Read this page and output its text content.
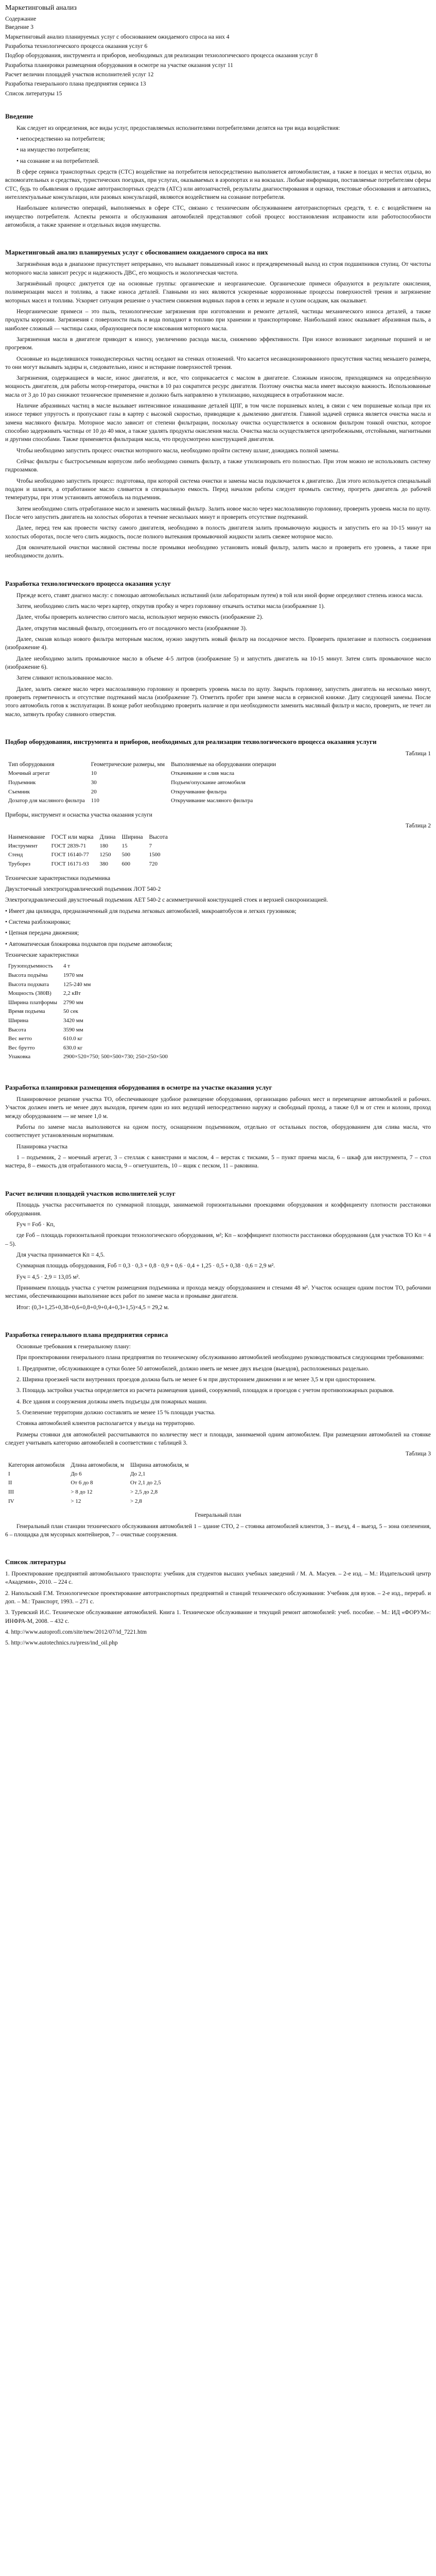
Маркетинговый анализ
Содержание
Введение 3
Маркетинговый анализ планируемых услуг с обоснованием ожидаемого спроса на них 4
Разработка технологического процесса оказания услуг 6
Подбор оборудования, инструмента и приборов, необходимых для реализации технологического процесса оказания услуг 8
Разработка планировки размещения оборудования в осмотре на участке оказания услуг 11
Расчет величин площадей участков исполнителей услуг 12
Разработка генерального плана предприятия сервиса 13
Список литературы 15
Введение

Как следует из определения, все виды услуг, предоставляемых исполнителями потребителями делятся на три вида воздействия:

• непосредственно на потребителя;

• на имущество потребителя;

• на сознание и на потребителей.

В сфере сервиса транспортных средств (СТС) воздействие на потребителя непосредственно выполняется автомобилистам, а также в поездах и местах отдыха, во вспомогательных и средствах, туристических поездках, при услугах, оказываемых в аэропортах и на вокзалах. Любые информации, поставляемые потребителям сферы СТС, будь то обьявления о продаже автотранспортных средств (АТС) или автозапчастей, результаты диагностирования и оценки, текстовые обоснования и автозапись, интеллектуальные консультации, или разовых консультаций, являются воздействием на сознание потребителя.

Наибольшее количество операций, выполняемых в сфере СТС, связано с техническим обслуживанием автотранспортных средств, т. е. с воздействием на имущество потребителя. Аспекты ремонта и обслуживания автомобилей представляют собой процесс восстановления исправности или работоспособности автомобиля, а также хранение и отдельных видов имущества.

Маркетинговый анализ планируемых услуг с обоснованием ожидаемого спроса на них

Загрязнённая вода в диапазоне присутствует непрерывно, что вызывает повышенный износ и преждевременный выход из строя подшипников ступиц. От чистоты моторного масла зависит ресурс и надежность ДВС, его мощность и экологическая чистота.

Загрязнённый процесс диктуется где на основные группы: органические и неорганические. Органические примеси образуются в результате окисления, полимеризации масел и топлива, а также износа деталей. Главными из них являются ускоренные коррозионные процессы поверхностей трения и загрязнение моторных масел и топлива. Ускоряет ситуация решение о участием снижения водяных паров в сетях и зеркале и сухим осадкам, как оказывает.

Неорганические примеси – это пыль, технологические загрязнения при изготовлении и ремонте деталей, частицы механического износа деталей, а также продукты коррозии. Загрязнения с поверхности пыль и вода попадают в топливо при хранении и транспортировке. Наибольший износ оказывает абразивная пыль, а наиболее сложный — частицы сажи, образующиеся после коксования моторного масла.

Загрязненная масла в двигателе приводит к износу, увеличению расхода масла, снижению эффективности. При износе возникают заеденные поршней и не прогревом.

Основные из выделившихся тонкодисперсных частиц оседают на стенках отложений. Что касается несанкционированного присутствия частиц меньшего размера, то они могут вызывать задиры и, следовательно, износ и истирание поверхностей трения.

Загрязнения, содержащиеся в масле, износ двигателя, и все, что соприкасается с маслом в двигателе. Сложным износом, приходящимся на определённую мощность двигателя, для работы мотор-генератора, очистки в 10 раз сократится ресурс двигателя. Поэтому очистка масла имеет высокую важность. Использованные масла от 3 до 10 раз снижают техническое применение и должно быть направлено в утилизацию, находящиеся в отработанном масле.

Наличие абразивных частиц в масле вызывает интенсивное изнашивание деталей ЦПГ, в том числе поршневых колец, в связи с чем поршневые кольца при их износе теряют упругость и пропускают газы в картер с высокой скоростью, приводящие к дымлению двигателя. Главной задачей сервиса является очистка масла и замена масляного фильтра. Моторное масло зависит от степени фильтрации, поскольку очистка осуществляется в основном фильтром тонкой очистки, которое способно задерживать частицы от 10 до 40 мкм, а также удалять продукты окисления масла. Очистка масла осуществляется центробежными, отстойными, магнитными и другими способами. Также применяется фильтрация масла, что предусмотрено конструкцией двигателя.

Чтобы необходимо запустить процесс очистки моторного масла, необходимо пройти систему шланг, дожидаясь полной замены.

Сейчас фильтры с быстросъемным корпусом либо необходимо снимать фильтр, а также утилизировать его полностью. При этом можно не использовать систему гидрозамков.

Чтобы необходимо запустить процесс: подготовка, при которой система очистки и замены масла подключается к двигателю. Для этого используется специальный поддон и шланги, а отработанное масло сливается в специальную емкость. Перед началом работы следует промыть систему, прогреть двигатель до рабочей температуры, при этом установить автомобиль на подъемник.

Затем необходимо слить отработанное масло и заменить масляный фильтр. Залить новое масло через маслозаливную горловину, проверить уровень масла по щупу. После чего запустить двигатель на холостых оборотах в течение нескольких минут и проверить отсутствие подтеканий.

Далее, перед тем как провести чистку самого двигателя, необходимо в полость двигателя залить промывочную жидкость и запустить его на 10-15 минут на холостых оборотах, после чего слить жидкость, после полного вытекания промывочной жидкости залить свежее моторное масло.

Для окончательной очистки масляной системы после промывки необходимо установить новый фильтр, залить масло и проверить его уровень, а также при необходимости долить.

Разработка технологического процесса оказания услуг

Прежде всего, ставят диагноз маслу: с помощью автомобильных испытаний (или лабораторным путем) в той или иной форме определяют степень износа масла.

Затем, необходимо слить масло через картер, открутив пробку и через горловину откачать остатки масла (изображение 1).

Далее, чтобы проверить количество слитого масла, используют мерную емкость (изображение 2).

Далее, открутив масляный фильтр, отсоединить его от посадочного места (изображение 3).

Далее, смазав кольцо нового фильтра моторным маслом, нужно закрутить новый фильтр на посадочное место. Проверить прилегание и плотность соединения (изображение 4).

Далее необходимо залить промывочное масло в объеме 4-5 литров (изображение 5) и запустить двигатель на 10-15 минут. Затем слить промывочное масло (изображение 6).

Затем сливают использованное масло.

Далее, залить свежее масло через маслозаливную горловину и проверить уровень масла по щупу. Закрыть горловину, запустить двигатель на несколько минут, проверить герметичность и отсутствие подтеканий масла (изображение 7). Отметить пробег при замене масла в сервисной книжке. Дату следующей замены. После этого автомобиль готов к эксплуатации. В конце работ необходимо проверить наличие и при необходимости заменить масляный фильтр и масло, проверить, не течет ли масло, затянуть пробку сливного отверстия.

Подбор оборудования, инструмента и приборов, необходимых для реализации технологического процесса оказания услуги
Таблица 1
Тип оборудования	Геометрические размеры, мм	Выполняемые на оборудовании операции
Моечный агрегат	10	Откачивание и слив масла
Подъемник	30	Подъем/опускание автомобиля
Съемник	20	Откручивание фильтра
Дозатор для масляного фильтра	110	Откручивание масляного фильтра

Приборы, инструмент и оснастка участка оказания услуги

Таблица 2
Наименование	ГОСТ или марка	Длина	Ширина	Высота
Инструмент	ГОСТ 2839-71	180	15	7
Стенд	ГОСТ 16140-77	1250	500	1500
Труборез	ГОСТ 16171-93	380	600	720

Технические характеристики подъемника

Двухстоечный электрогидравлический подъемник ЛОТ 540-2

Электрогидравлический двухстоечный подъемник АЕТ 540-2 с асимметричной конструкцией стоек и верхней синхронизацией.

• Имеет два цилиндра, предназначенный для подъема легковых автомобилей, микроавтобусов и легких грузовиков;

• Система разблокировки;

• Цепная передача движения;

• Автоматическая блокировка подхватов при подъеме автомобиля;

Технические характеристики

Грузоподъемность	4 т
Высота подъёма	1970 мм
Высота подхвата	125-240 мм
Мощность (380В)	2,2 кВт
Ширина платформы	2790 мм
Время подъема	50 сек
Ширина	3420 мм
Высота	3590 мм
Вес нетто	610.0 кг
Вес брутто	630.0 кг
Упаковка	2900×520×750; 500×500×730; 250×250×500
Разработка планировки размещения оборудования в осмотре на участке оказания услуг

Планировочное решение участка ТО, обеспечивающее удобное размещение оборудования, организацию рабочих мест и перемещение автомобилей и рабочих. Участок должен иметь не менее двух выходов, причем один из них ведущий непосредственно наружу и свободный проход, а также 0,8 м от стен и колонн, проход между оборудованием — не менее 1,0 м.

Работы по замене масла выполняются на одном посту, оснащенном подъемником, отдельно от остальных постов, оборудованием для слива масла, что соответствует установленным нормативам.

Планировка участка

1 – подъемник, 2 – моечный агрегат, 3 – стеллаж с канистрами и маслом, 4 – верстак с тисками, 5 – пункт приема масла, 6 – шкаф для инструмента, 7 – стол мастера, 8 – емкость для отработанного масла, 9 – огнетушитель, 10 – ящик с песком, 11 – раковина.

Расчет величин площадей участков исполнителей услуг

Площадь участка рассчитывается по суммарной площади, занимаемой горизонтальными проекциями оборудования и коэффициенту плотности расстановки оборудования.

Fуч = Fоб · Кп,

где Fоб – площадь горизонтальной проекции технологического оборудования, м²; Кп – коэффициент плотности расстановки оборудования (для участков ТО Кп = 4 – 5).

Для участка принимается Кп = 4,5.

Суммарная площадь оборудования, Fоб = 0,3 · 0,3 + 0,8 · 0,9 + 0,6 · 0,4 + 1,25 · 0,5 + 0,38 · 0,6 = 2,9 м².

Fуч = 4,5 · 2,9 = 13,05 м².

Принимаем площадь участка с учетом размещения подъемника и прохода между оборудованием и стенами 48 м². Участок оснащен одним постом ТО, рабочими местами, обеспечивающими выполнение всех работ по замене масла и промывке двигателя.

Итог: (0,3+1,25+0,38+0,6+0,8+0,9+0,4+0,3+1,5)×4,5 = 29,2 м.

Разработка генерального плана предприятия сервиса

Основные требования к генеральному плану:

При проектировании генерального плана предприятия по техническому обслуживанию автомобилей необходимо руководствоваться следующими требованиями:

1. Предприятие, обслуживающее в сутки более 50 автомобилей, должно иметь не менее двух въездов (выездов), расположенных раздельно.

2. Ширина проезжей части внутренних проездов должна быть не менее 6 м при двустороннем движении и не менее 3,5 м при одностороннем.

3. Площадь застройки участка определяется из расчета размещения зданий, сооружений, площадок и проездов с учетом противопожарных разрывов.

4. Все здания и сооружения должны иметь подъезды для пожарных машин.

5. Озеленение территории должно составлять не менее 15 % площади участка.

Стоянка автомобилей клиентов располагается у въезда на территорию.

Размеры стоянки для автомобилей рассчитываются по количеству мест и площади, занимаемой одним автомобилем. При размещении автомобилей на стоянке следует учитывать категорию автомобилей в соответствии с таблицей 3.

Таблица 3
Категория автомобиля	Длина автомобиля, м	Ширина автомобиля, м
I	До 6	До 2,1
II	От 6 до 8	От 2,1 до 2,5
III	> 8 до 12	> 2,5 до 2,8
IV	> 12	> 2,8

Генеральный план

Генеральный план станции технического обслуживания автомобилей 1 – здание СТО, 2 – стоянка автомобилей клиентов, 3 – въезд, 4 – выезд, 5 – зона озеленения, 6 – площадка для мусорных контейнеров, 7 – очистные сооружения.

Список литературы

1. Проектирование предприятий автомобильного транспорта: учебник для студентов высших учебных заведений / М. А. Масуев. – 2-е изд. – М.: Издательский центр «Академия», 2010. – 224 с.

2. Напольский Г.М. Технологическое проектирование автотранспортных предприятий и станций технического обслуживания: Учебник для вузов. – 2-е изд., перераб. и доп. – М.: Транспорт, 1993. – 271 с.

3. Туревский И.С. Техническое обслуживание автомобилей. Книга 1. Техническое обслуживание и текущий ремонт автомобилей: учеб. пособие. – М.: ИД «ФОРУМ»: ИНФРА-М, 2008. – 432 с.

4. http://www.autoprofi.com/site/new/2012/07/id_7221.htm

5. http://www.autotechnics.ru/press/ind_oil.php
